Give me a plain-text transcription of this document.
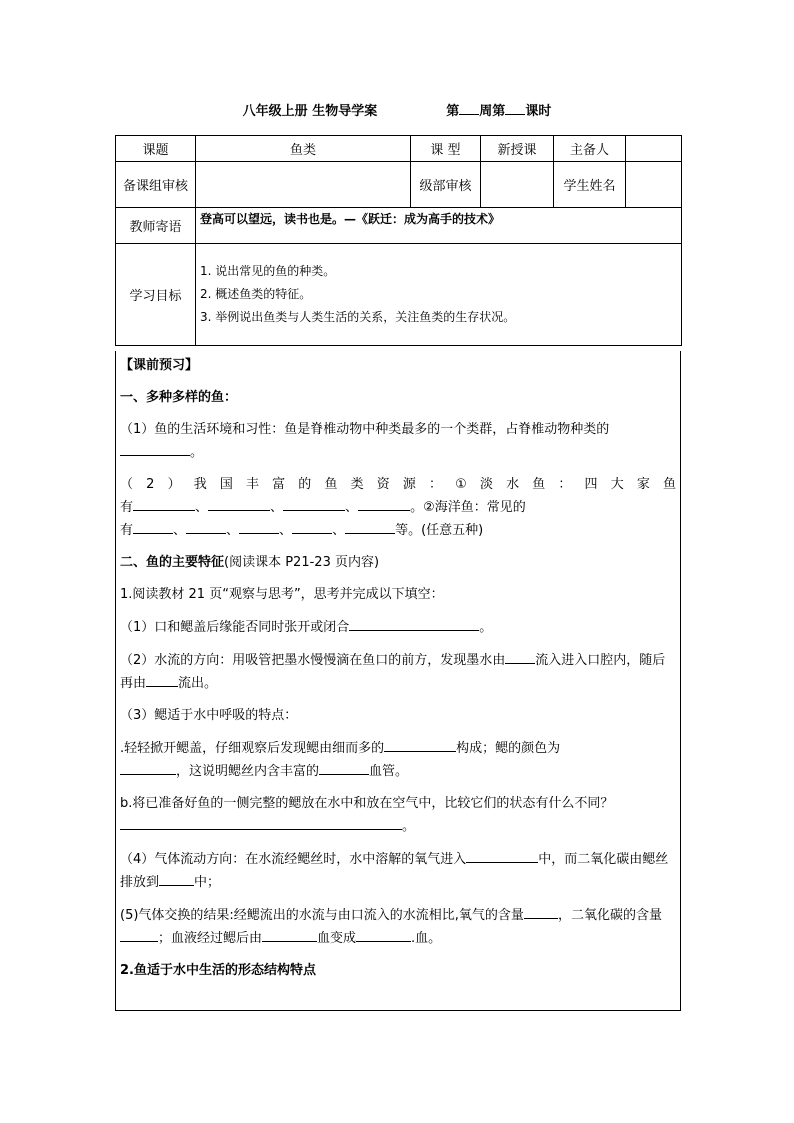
八年级上册 生物导学案	第 周第 课时
课题	鱼类	课 型	新授课	主备人	
备课组审核		级部审核		学生姓名	
教师寄语	登高可以望远，读书也是。—《跃迁：成为高手的技术》				
学习目标	1. 说出常见的鱼的种类。
2. 概述鱼类的特征。
3. 举例说出鱼类与人类生活的关系，关注鱼类的生存状况。				

【课前预习】

一、多种多样的鱼：

（1）鱼的生活环境和习性：鱼是脊椎动物中种类最多的一个类群，占脊椎动物种类的。

（2）我国丰富的鱼类资源：①淡水鱼：四大家鱼
有	、	、	、	。②海洋鱼：常见的
有	、	、	、	、	等。(任意五种)

二、鱼的主要特征(阅读课本 P21-23 页内容)

1.阅读教材 21 页“观察与思考”，思考并完成以下填空：

（1）口和鳃盖后缘能否同时张开或闭合	。

（2）水流的方向：用吸管把墨水慢慢滴在鱼口的前方，发现墨水由 流入进入口腔内，随后再由 流出。

（3）鳃适于水中呼吸的特点：

.轻轻掀开鳃盖，仔细观察后发现鳃由细而多的	构成；鳃的颜色为
，这说明鳃丝内含丰富的	血管。

b.将已准备好鱼的一侧完整的鳃放在水中和放在空气中，比较它们的状态有什么不同？。

（4）气体流动方向：在水流经鳃丝时，水中溶解的氧气进入	中，而二氧化碳由鳃丝排放到	中；

(5)气体交换的结果:经鳃流出的水流与由口流入的水流相比,氧气的含量	，二氧化碳的含量；血液经过鳃后由	血变成	.血。

2.鱼适于水中生活的形态结构特点
